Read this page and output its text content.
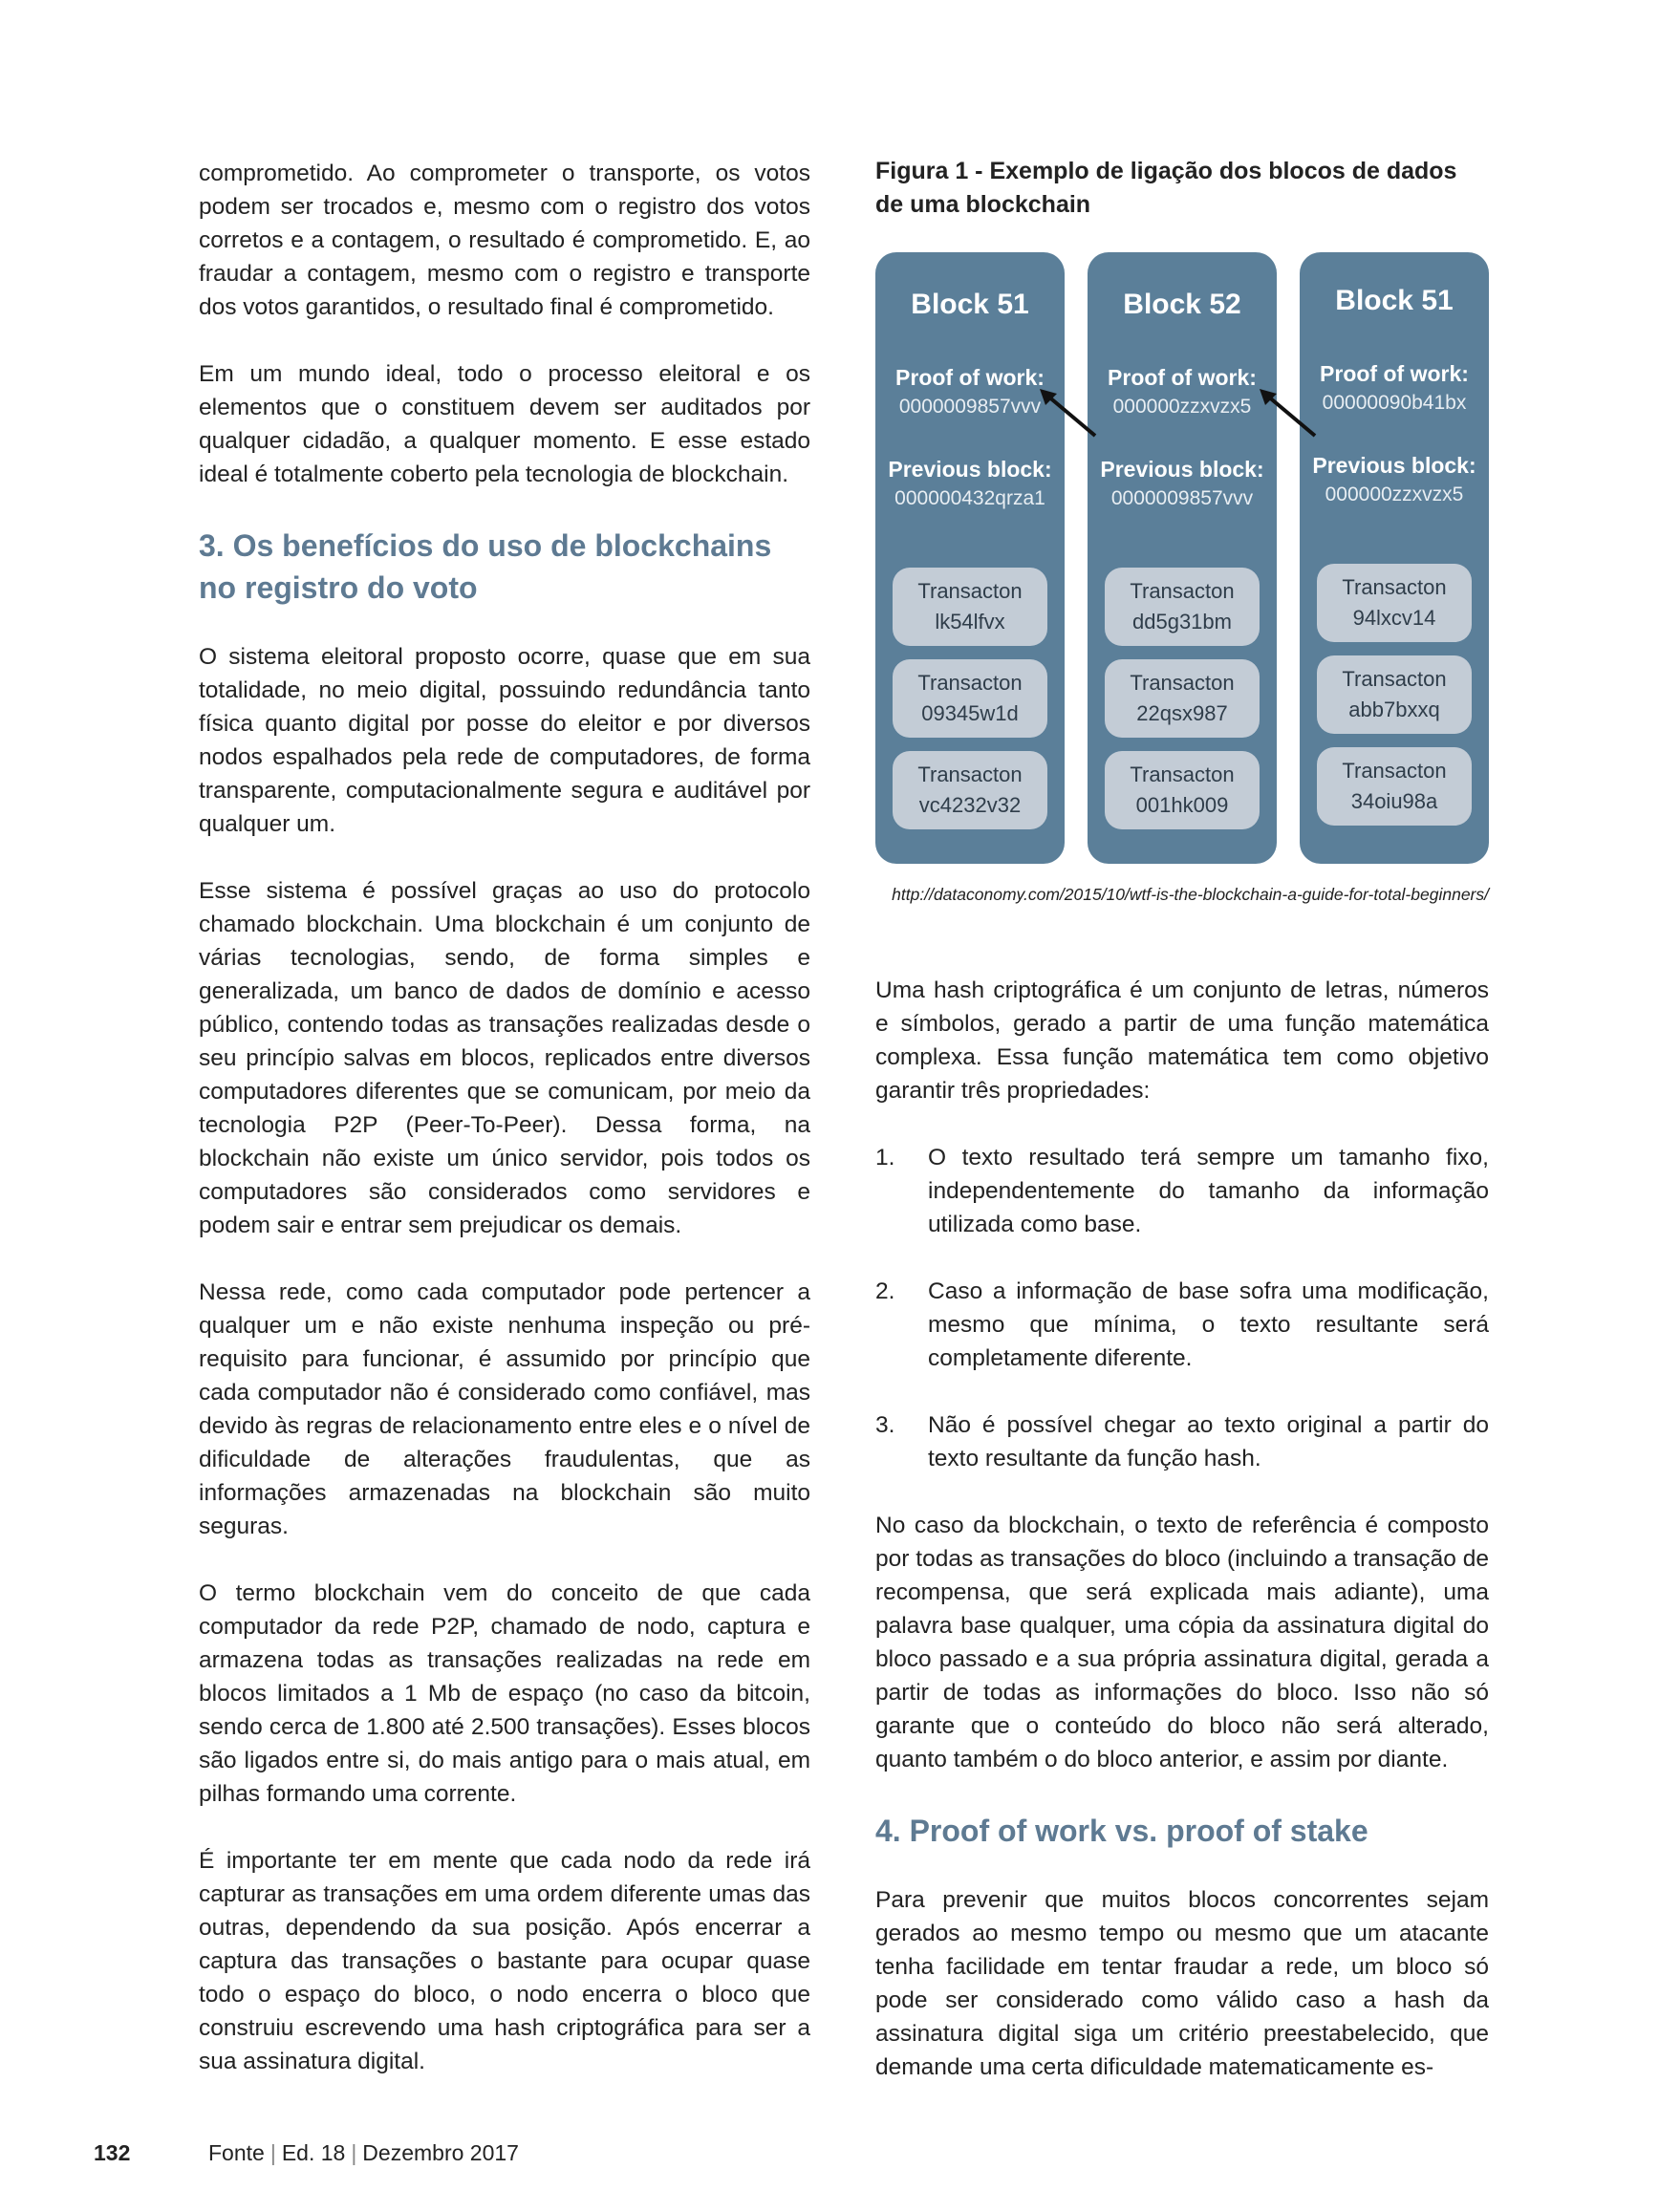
comprometido. Ao comprometer o transporte, os votos podem ser trocados e, mesmo com o registro dos votos corretos e a contagem, o resultado é comprometido. E, ao fraudar a contagem, mesmo com o registro e transporte dos votos garantidos, o resultado final é comprometido.

Em um mundo ideal, todo o processo eleitoral e os elementos que o constituem devem ser auditados por qualquer cidadão, a qualquer momento. E esse estado ideal é totalmente coberto pela tecnologia de blockchain.

3. Os benefícios do uso de blockchains no registro do voto

O sistema eleitoral proposto ocorre, quase que em sua totalidade, no meio digital, possuindo redundância tanto física quanto digital por posse do eleitor e por diversos nodos espalhados pela rede de computadores, de forma transparente, computacionalmente segura e auditável por qualquer um.

Esse sistema é possível graças ao uso do protocolo chamado blockchain. Uma blockchain é um conjunto de várias tecnologias, sendo, de forma simples e generalizada, um banco de dados de domínio e acesso público, contendo todas as transações realizadas desde o seu princípio salvas em blocos, replicados entre diversos computadores diferentes que se comunicam, por meio da tecnologia P2P (Peer-To-Peer). Dessa forma, na blockchain não existe um único servidor, pois todos os computadores são considerados como servidores e podem sair e entrar sem prejudicar os demais.

Nessa rede, como cada computador pode pertencer a qualquer um e não existe nenhuma inspeção ou pré-requisito para funcionar, é assumido por princípio que cada computador não é considerado como confiável, mas devido às regras de relacionamento entre eles e o nível de dificuldade de alterações fraudulentas, que as informações armazenadas na blockchain são muito seguras.

O termo blockchain vem do conceito de que cada computador da rede P2P, chamado de nodo, captura e armazena todas as transações realizadas na rede em blocos limitados a 1 Mb de espaço (no caso da bitcoin, sendo cerca de 1.800 até 2.500 transações). Esses blocos são ligados entre si, do mais antigo para o mais atual, em pilhas formando uma corrente.

É importante ter em mente que cada nodo da rede irá capturar as transações em uma ordem diferente umas das outras, dependendo da sua posição. Após encerrar a captura das transações o bastante para ocupar quase todo o espaço do bloco, o nodo encerra o bloco que construiu escrevendo uma hash criptográfica para ser a sua assinatura digital.

Figura 1 - Exemplo de ligação dos blocos de dados de uma blockchain
Block 51
Proof of work:
0000009857vvv
Previous block:
000000432qrza1
Transacton
lk54lfvx
Transacton
09345w1d
Transacton
vc4232v32
Block 52
Proof of work:
000000zzxvzx5
Previous block:
0000009857vvv
Transacton
dd5g31bm
Transacton
22qsx987
Transacton
001hk009
Block 51
Proof of work:
00000090b41bx
Previous block:
000000zzxvzx5
Transacton
94lxcv14
Transacton
abb7bxxq
Transacton
34oiu98a
http://dataconomy.com/2015/10/wtf-is-the-blockchain-a-guide-for-total-beginners/

Uma hash criptográfica é um conjunto de letras, números e símbolos, gerado a partir de uma função matemática complexa. Essa função matemática tem como objetivo garantir três propriedades:

1. O texto resultado terá sempre um tamanho fixo, independentemente do tamanho da informação utilizada como base.
2. Caso a informação de base sofra uma modificação, mesmo que mínima, o texto resultante será completamente diferente.
3. Não é possível chegar ao texto original a partir do texto resultante da função hash.

No caso da blockchain, o texto de referência é composto por todas as transações do bloco (incluindo a transação de recompensa, que será explicada mais adiante), uma palavra base qualquer, uma cópia da assinatura digital do bloco passado e a sua própria assinatura digital, gerada a partir de todas as informações do bloco. Isso não só garante que o conteúdo do bloco não será alterado, quanto também o do bloco anterior, e assim por diante.

4. Proof of work vs. proof of stake

Para prevenir que muitos blocos concorrentes sejam gerados ao mesmo tempo ou mesmo que um atacante tenha facilidade em tentar fraudar a rede, um bloco só pode ser considerado como válido caso a hash da assinatura digital siga um critério preestabelecido, que demande uma certa dificuldade matematicamente es-

132	Fonte | Ed. 18 | Dezembro 2017
